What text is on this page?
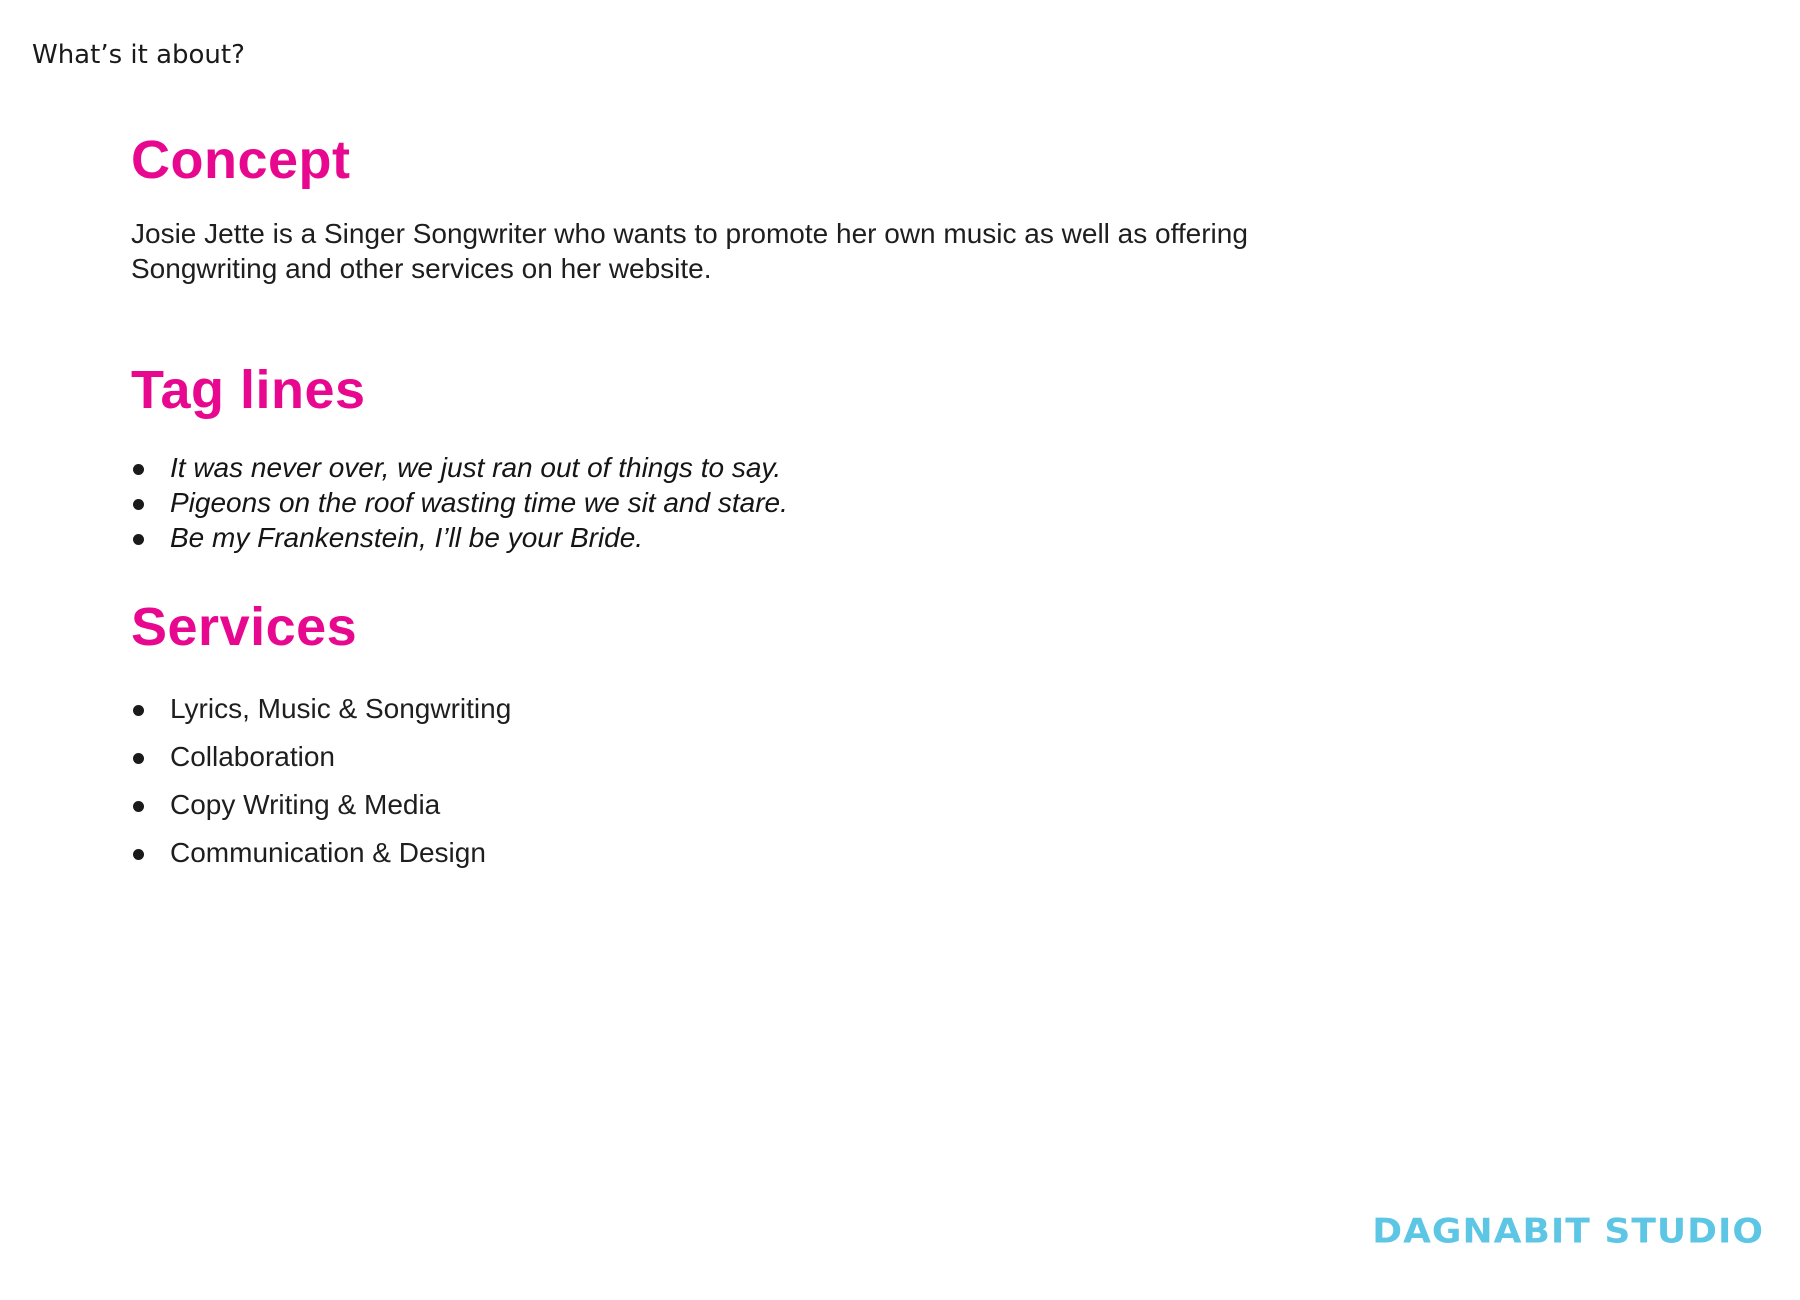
What’s it about?
Concept

Josie Jette is a Singer Songwriter who wants to promote her own music as well as offering Songwriting and other services on her website.

Tag lines
It was never over, we just ran out of things to say.
Pigeons on the roof wasting time we sit and stare.
Be my Frankenstein, I’ll be your Bride.
Services
Lyrics, Music & Songwriting
Collaboration
Copy Writing & Media
Communication & Design
DAGNABIT STUDIO
